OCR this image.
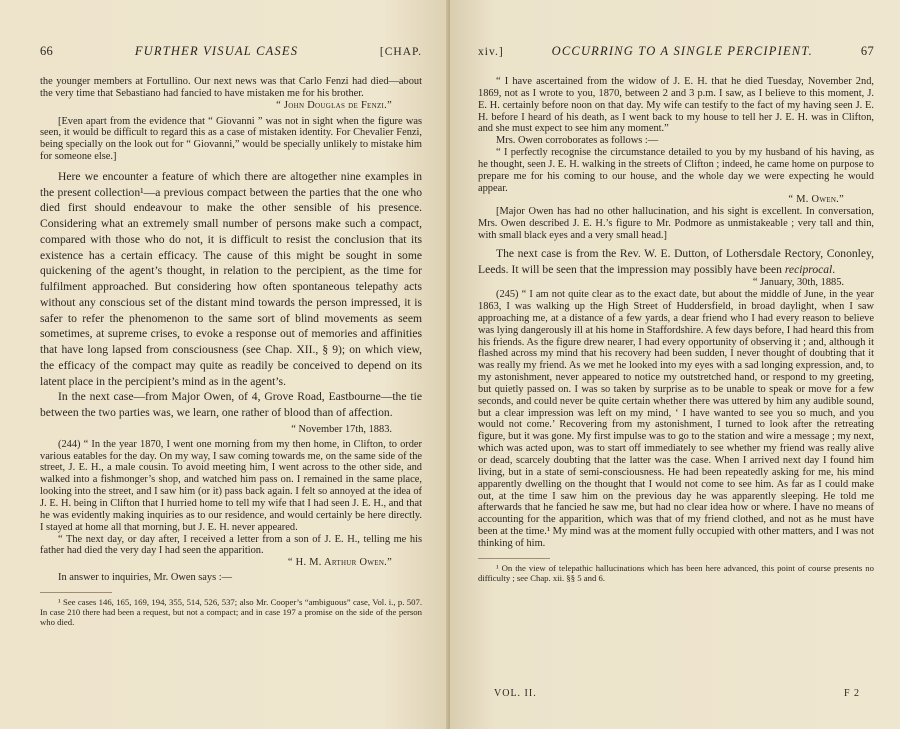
66	FURTHER VISUAL CASES	[CHAP.

the younger members at Fortullino. Our next news was that Carlo Fenzi had died—about the very time that Sebastiano had fancied to have mistaken me for his brother.

“ John Douglas de Fenzi.”

[Even apart from the evidence that “ Giovanni ” was not in sight when the figure was seen, it would be difficult to regard this as a case of mistaken identity. For Chevalier Fenzi, being specially on the look out for “ Giovanni,” would be specially unlikely to mistake him for someone else.]

Here we encounter a feature of which there are altogether nine examples in the present collection¹—a previous compact between the parties that the one who died first should endeavour to make the other sensible of his presence. Considering what an extremely small number of persons make such a compact, compared with those who do not, it is difficult to resist the conclusion that its existence has a certain efficacy. The cause of this might be sought in some quickening of the agent’s thought, in relation to the percipient, as the time for fulfilment approached. But considering how often spontaneous telepathy acts without any conscious set of the distant mind towards the person impressed, it is safer to refer the phenomenon to the same sort of blind movements as seem sometimes, at supreme crises, to evoke a response out of memories and affinities that have long lapsed from consciousness (see Chap. XII., § 9); on which view, the efficacy of the compact may quite as readily be conceived to depend on its latent place in the percipient’s mind as in the agent’s.

In the next case—from Major Owen, of 4, Grove Road, Eastbourne—the tie between the two parties was, we learn, one rather of blood than of affection.

“ November 17th, 1883.

(244) “ In the year 1870, I went one morning from my then home, in Clifton, to order various eatables for the day. On my way, I saw coming towards me, on the same side of the street, J. E. H., a male cousin. To avoid meeting him, I went across to the other side, and walked into a fishmonger’s shop, and watched him pass on. I remained in the same place, looking into the street, and I saw him (or it) pass back again. I felt so annoyed at the idea of J. E. H. being in Clifton that I hurried home to tell my wife that I had seen J. E. H., and that he was evidently making inquiries as to our residence, and would certainly be here directly. I stayed at home all that morning, but J. E. H. never appeared.

“ The next day, or day after, I received a letter from a son of J. E. H., telling me his father had died the very day I had seen the apparition.

“ H. M. Arthur Owen.”

In answer to inquiries, Mr. Owen says :—

¹ See cases 146, 165, 169, 194, 355, 514, 526, 537; also Mr. Cooper’s “ambiguous” case, Vol. i., p. 507. In case 210 there had been a request, but not a compact; and in case 197 a promise on the side of the person who died.

xiv.]	OCCURRING TO A SINGLE PERCIPIENT.	67

“ I have ascertained from the widow of J. E. H. that he died Tuesday, November 2nd, 1869, not as I wrote to you, 1870, between 2 and 3 p.m. I saw, as I believe to this moment, J. E. H. certainly before noon on that day. My wife can testify to the fact of my having seen J. E. H. before I heard of his death, as I went back to my house to tell her J. E. H. was in Clifton, and she must expect to see him any moment.”

Mrs. Owen corroborates as follows :—

“ I perfectly recognise the circumstance detailed to you by my husband of his having, as he thought, seen J. E. H. walking in the streets of Clifton ; indeed, he came home on purpose to prepare me for his coming to our house, and the whole day we were expecting he would appear.

“ M. Owen.”

[Major Owen has had no other hallucination, and his sight is excellent. In conversation, Mrs. Owen described J. E. H.’s figure to Mr. Podmore as unmistakeable ; very tall and thin, with small black eyes and a very small head.]

The next case is from the Rev. W. E. Dutton, of Lothersdale Rectory, Cononley, Leeds. It will be seen that the impression may possibly have been reciprocal.

“ January, 30th, 1885.

(245) “ I am not quite clear as to the exact date, but about the middle of June, in the year 1863, I was walking up the High Street of Huddersfield, in broad daylight, when I saw approaching me, at a distance of a few yards, a dear friend who I had every reason to believe was lying dangerously ill at his home in Staffordshire. A few days before, I had heard this from his friends. As the figure drew nearer, I had every opportunity of observing it ; and, although it flashed across my mind that his recovery had been sudden, I never thought of doubting that it was really my friend. As we met he looked into my eyes with a sad longing expression, and, to my astonishment, never appeared to notice my outstretched hand, or respond to my greeting, but quietly passed on. I was so taken by surprise as to be unable to speak or move for a few seconds, and could never be quite certain whether there was uttered by him any audible sound, but a clear impression was left on my mind, ‘ I have wanted to see you so much, and you would not come.’ Recovering from my astonishment, I turned to look after the retreating figure, but it was gone. My first impulse was to go to the station and wire a message ; my next, which was acted upon, was to start off immediately to see whether my friend was really alive or dead, scarcely doubting that the latter was the case. When I arrived next day I found him living, but in a state of semi-consciousness. He had been repeatedly asking for me, his mind apparently dwelling on the thought that I would not come to see him. As far as I could make out, at the time I saw him on the previous day he was apparently sleeping. He told me afterwards that he fancied he saw me, but had no clear idea how or where. I have no means of accounting for the apparition, which was that of my friend clothed, and not as he must have been at the time.¹ My mind was at the moment fully occupied with other matters, and I was not thinking of him.

¹ On the view of telepathic hallucinations which has been here advanced, this point of course presents no difficulty ; see Chap. xii. §§ 5 and 6.

VOL. II.	F 2
